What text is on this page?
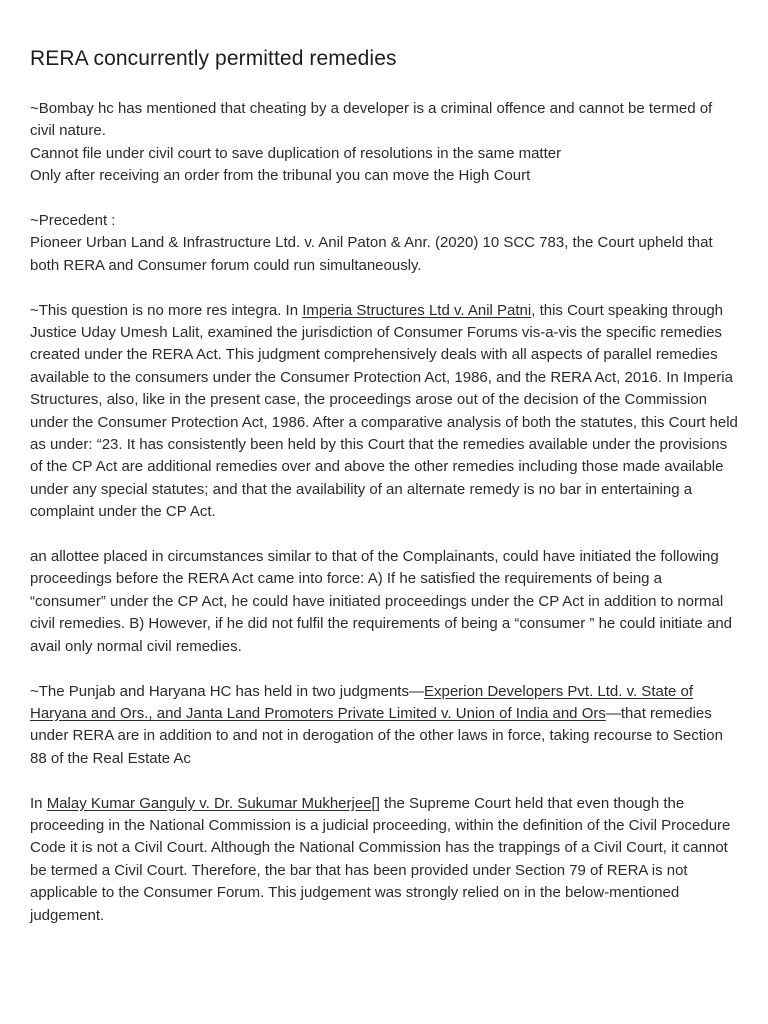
RERA concurrently permitted remedies

~Bombay hc has mentioned that cheating by a developer is a criminal offence and cannot be termed of civil nature.
Cannot file under civil court to save duplication of resolutions in the same matter
Only after receiving an order from the tribunal you can move the High Court

~Precedent :
Pioneer Urban Land & Infrastructure Ltd. v. Anil Paton & Anr. (2020) 10 SCC 783, the Court upheld that both RERA and Consumer forum could run simultaneously.

~This question is no more res integra. In Imperia Structures Ltd v. Anil Patni, this Court speaking through Justice Uday Umesh Lalit, examined the jurisdiction of Consumer Forums vis-a-vis the specific remedies created under the RERA Act. This judgment comprehensively deals with all aspects of parallel remedies available to the consumers under the Consumer Protection Act, 1986, and the RERA Act, 2016. In Imperia Structures, also, like in the present case, the proceedings arose out of the decision of the Commission under the Consumer Protection Act, 1986. After a comparative analysis of both the statutes, this Court held as under: “23. It has consistently been held by this Court that the remedies available under the provisions of the CP Act are additional remedies over and above the other remedies including those made available under any special statutes; and that the availability of an alternate remedy is no bar in entertaining a complaint under the CP Act.

an allottee placed in circumstances similar to that of the Complainants, could have initiated the following proceedings before the RERA Act came into force: A) If he satisfied the requirements of being a “consumer” under the CP Act, he could have initiated proceedings under the CP Act in addition to normal civil remedies. B) However, if he did not fulfil the requirements of being a “consumer ” he could initiate and avail only normal civil remedies.

~The Punjab and Haryana HC has held in two judgments—Experion Developers Pvt. Ltd. v. State of Haryana and Ors., and Janta Land Promoters Private Limited v. Union of India and Ors—that remedies under RERA are in addition to and not in derogation of the other laws in force, taking recourse to Section 88 of the Real Estate Ac

In Malay Kumar Ganguly v. Dr. Sukumar Mukherjee[] the Supreme Court held that even though the proceeding in the National Commission is a judicial proceeding, within the definition of the Civil Procedure Code it is not a Civil Court. Although the National Commission has the trappings of a Civil Court, it cannot be termed a Civil Court. Therefore, the bar that has been provided under Section 79 of RERA is not applicable to the Consumer Forum. This judgement was strongly relied on in the below-mentioned judgement.
